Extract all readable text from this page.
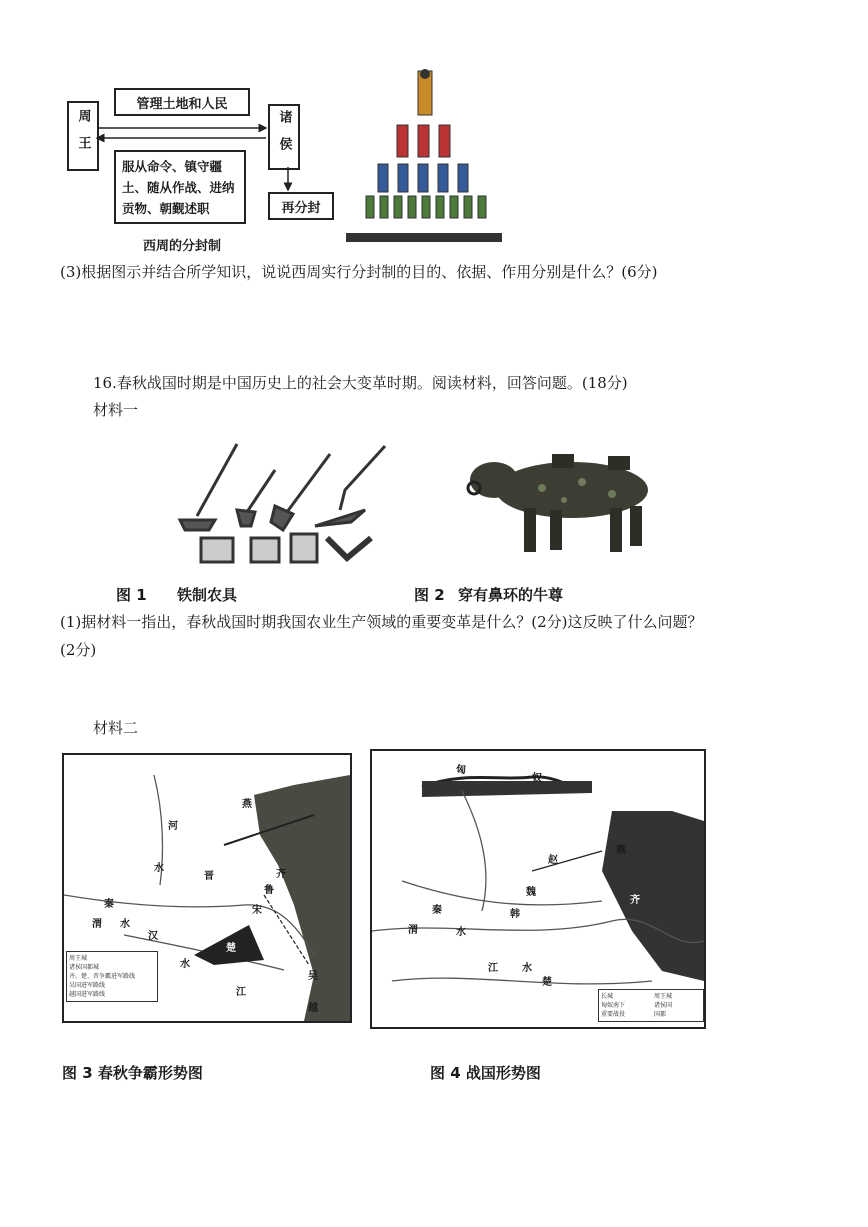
周王
管理土地和人民
诸侯
服从命令、镇守疆土、随从作战、进纳贡物、朝觐述职	再分封
西周的分封制
(3)根据图示并结合所学知识，说说西周实行分封制的目的、依据、作用分别是什么？(6分)
16.春秋战国时期是中国历史上的社会大变革时期。阅读材料，回答问题。(18分)
材料一
图 1 铁制农具	图 2 穿有鼻环的牛尊
(1)据材料一指出，春秋战国时期我国农业生产领域的重要变革是什么？(2分)这反映了什么问题？
(2分)
材料二
燕
河
水
秦
渭 水
汉
楚
齐
宋
鲁
晋
江
吴
越
水
周王城
诸侯国都城
齐、楚、晋争霸进军路线
吴国进军路线
越国进军路线
匈
奴
燕
秦
赵
魏
韩
齐
楚
渭	水
江 水
长城
匈奴南下
重要战役
周王城
诸侯国
国都
图 3 春秋争霸形势图	图 4 战国形势图
